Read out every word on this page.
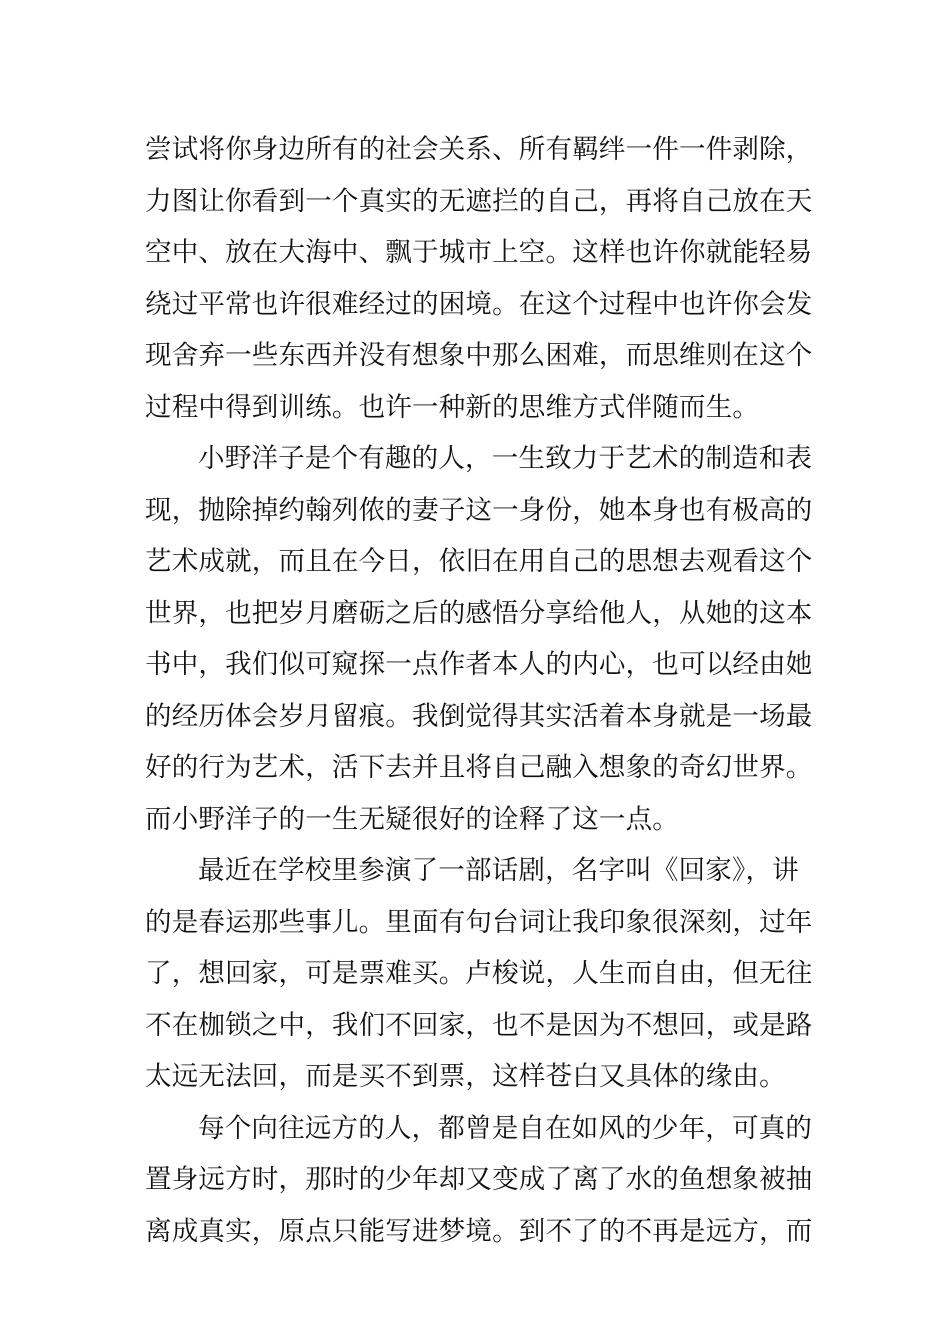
尝试将你身边所有的社会关系、所有羁绊一件一件剥除，
力图让你看到一个真实的无遮拦的自己，再将自己放在天
空中、放在大海中、飘于城市上空。这样也许你就能轻易
绕过平常也许很难经过的困境。在这个过程中也许你会发
现舍弃一些东西并没有想象中那么困难，而思维则在这个
过程中得到训练。也许一种新的思维方式伴随而生。
小野洋子是个有趣的人，一生致力于艺术的制造和表
现，抛除掉约翰列侬的妻子这一身份，她本身也有极高的
艺术成就，而且在今日，依旧在用自己的思想去观看这个
世界，也把岁月磨砺之后的感悟分享给他人，从她的这本
书中，我们似可窥探一点作者本人的内心，也可以经由她
的经历体会岁月留痕。我倒觉得其实活着本身就是一场最
好的行为艺术，活下去并且将自己融入想象的奇幻世界。
而小野洋子的一生无疑很好的诠释了这一点。
最近在学校里参演了一部话剧，名字叫《回家》，讲
的是春运那些事儿。里面有句台词让我印象很深刻，过年
了，想回家，可是票难买。卢梭说，人生而自由，但无往
不在枷锁之中，我们不回家，也不是因为不想回，或是路
太远无法回，而是买不到票，这样苍白又具体的缘由。
每个向往远方的人，都曾是自在如风的少年，可真的
置身远方时，那时的少年却又变成了离了水的鱼想象被抽
离成真实，原点只能写进梦境。到不了的不再是远方，而
